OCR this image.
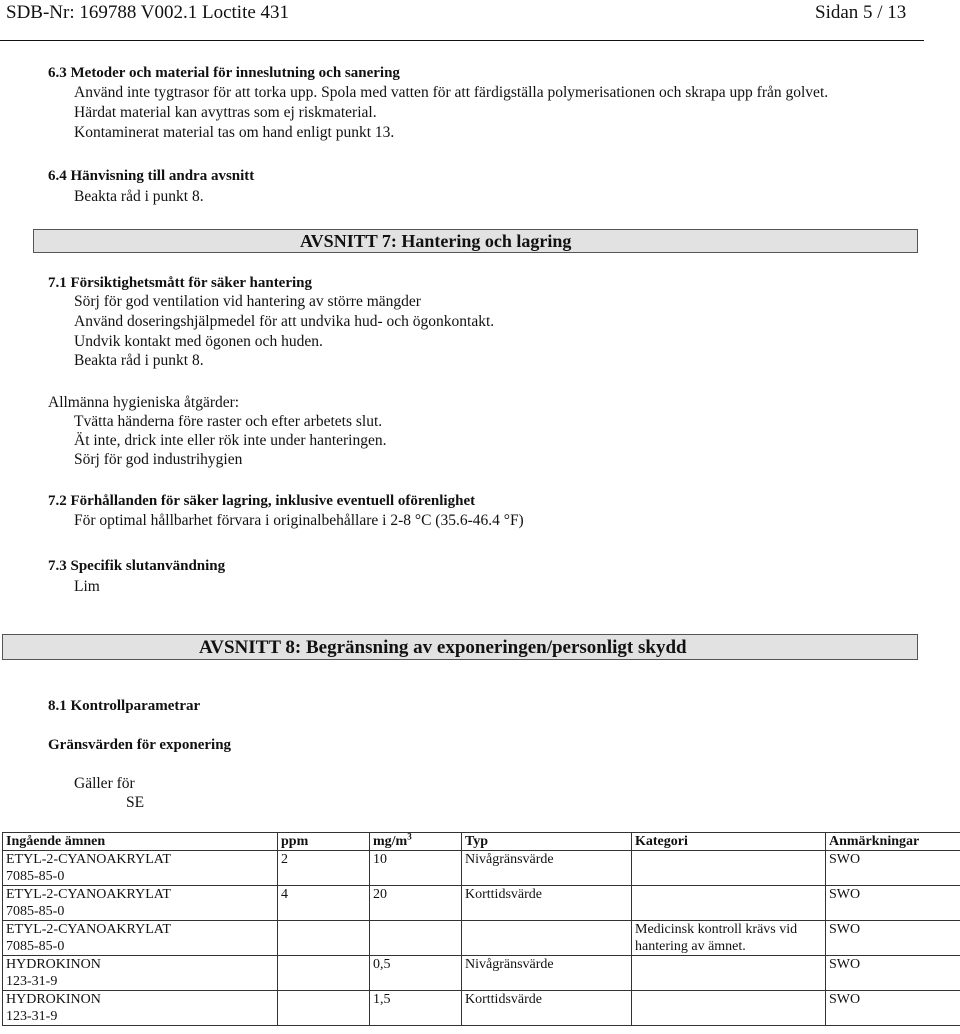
SDB-Nr: 169788 V002.1 Loctite 431	Sidan 5 / 13
6.3 Metoder och material för inneslutning och sanering
Använd inte tygtrasor för att torka upp. Spola med vatten för att färdigställa polymerisationen och skrapa upp från golvet.
Härdat material kan avyttras som ej riskmaterial.
Kontaminerat material tas om hand enligt punkt 13.
6.4 Hänvisning till andra avsnitt
Beakta råd i punkt 8.
AVSNITT 7: Hantering och lagring
7.1 Försiktighetsmått för säker hantering
Sörj för god ventilation vid hantering av större mängder
Använd doseringshjälpmedel för att undvika hud- och ögonkontakt.
Undvik kontakt med ögonen och huden.
Beakta råd i punkt 8.
Allmänna hygieniska åtgärder:
Tvätta händerna före raster och efter arbetets slut.
Ät inte, drick inte eller rök inte under hanteringen.
Sörj för god industrihygien
7.2 Förhållanden för säker lagring, inklusive eventuell oförenlighet
För optimal hållbarhet förvara i originalbehållare i 2-8 °C (35.6-46.4 °F)
7.3 Specifik slutanvändning
Lim
AVSNITT 8: Begränsning av exponeringen/personligt skydd
8.1 Kontrollparametrar
Gränsvärden för exponering
Gäller för
SE
Ingående ämnen	ppm	$mg/m^3$	Typ	Kategori	Anmärkningar

ETYL-2-CYANOAKRYLAT
7085-85-0	2	10	Nivågränsvärde		SWO

ETYL-2-CYANOAKRYLAT
7085-85-0	4	20	Korttidsvärde		SWO

ETYL-2-CYANOAKRYLAT
7085-85-0				Medicinsk kontroll krävs vid hantering av ämnet.	SWO

HYDROKINON
123-31-9		0,5	Nivågränsvärde		SWO

HYDROKINON
123-31-9		1,5	Korttidsvärde		SWO
